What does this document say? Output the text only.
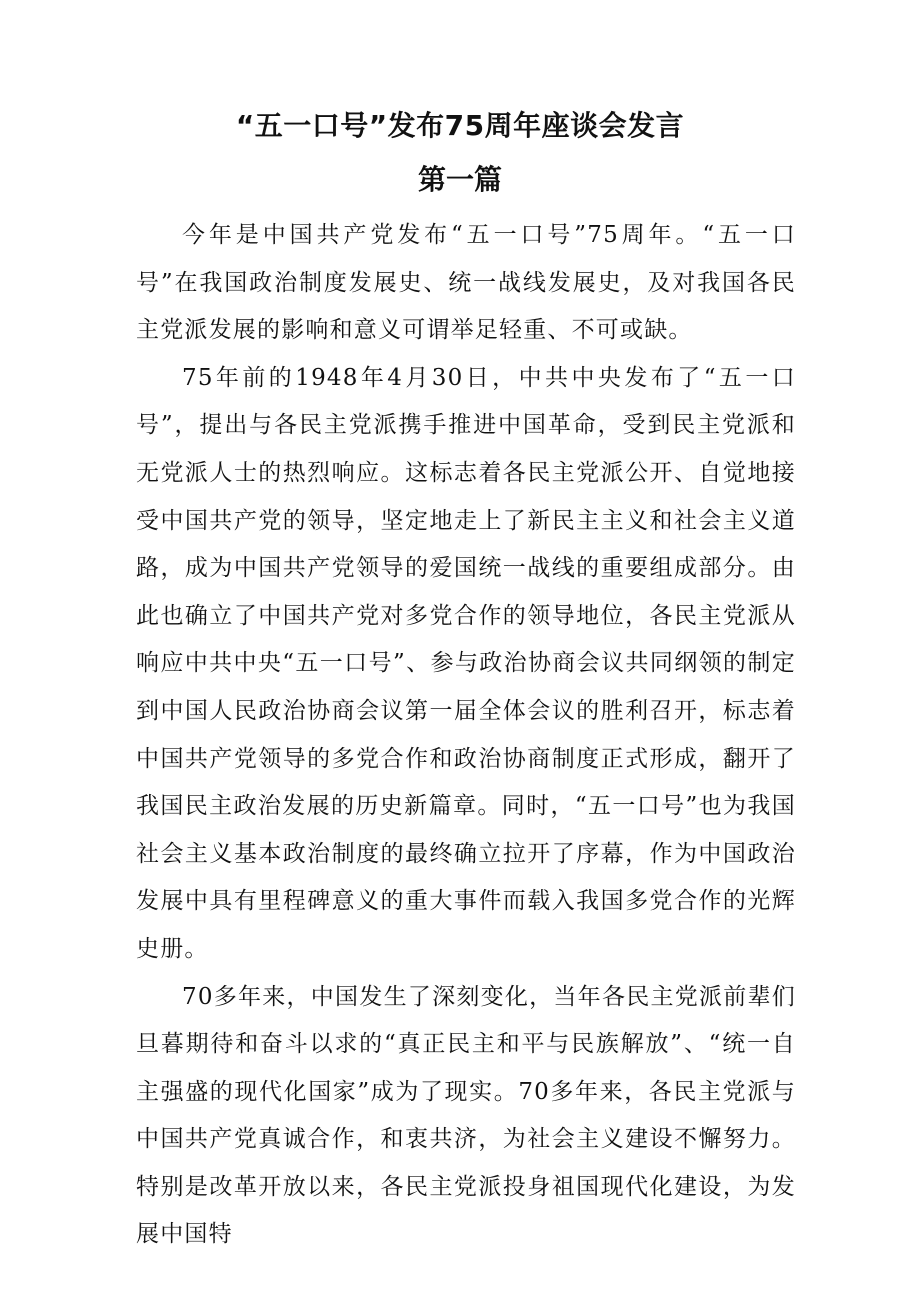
“五一口号”发布75周年座谈会发言
第一篇

今年是中国共产党发布“五一口号”75周年。“五一口号”在我国政治制度发展史、统一战线发展史，及对我国各民主党派发展的影响和意义可谓举足轻重、不可或缺。

75年前的1948年4月30日，中共中央发布了“五一口号”，提出与各民主党派携手推进中国革命，受到民主党派和无党派人士的热烈响应。这标志着各民主党派公开、自觉地接受中国共产党的领导，坚定地走上了新民主主义和社会主义道路，成为中国共产党领导的爱国统一战线的重要组成部分。由此也确立了中国共产党对多党合作的领导地位，各民主党派从响应中共中央“五一口号”、参与政治协商会议共同纲领的制定到中国人民政治协商会议第一届全体会议的胜利召开，标志着中国共产党领导的多党合作和政治协商制度正式形成，翻开了我国民主政治发展的历史新篇章。同时，“五一口号”也为我国社会主义基本政治制度的最终确立拉开了序幕，作为中国政治发展中具有里程碑意义的重大事件而载入我国多党合作的光辉史册。

70多年来，中国发生了深刻变化，当年各民主党派前辈们旦暮期待和奋斗以求的“真正民主和平与民族解放”、“统一自主强盛的现代化国家”成为了现实。70多年来，各民主党派与中国共产党真诚合作，和衷共济，为社会主义建设不懈努力。特别是改革开放以来，各民主党派投身祖国现代化建设，为发展中国特
